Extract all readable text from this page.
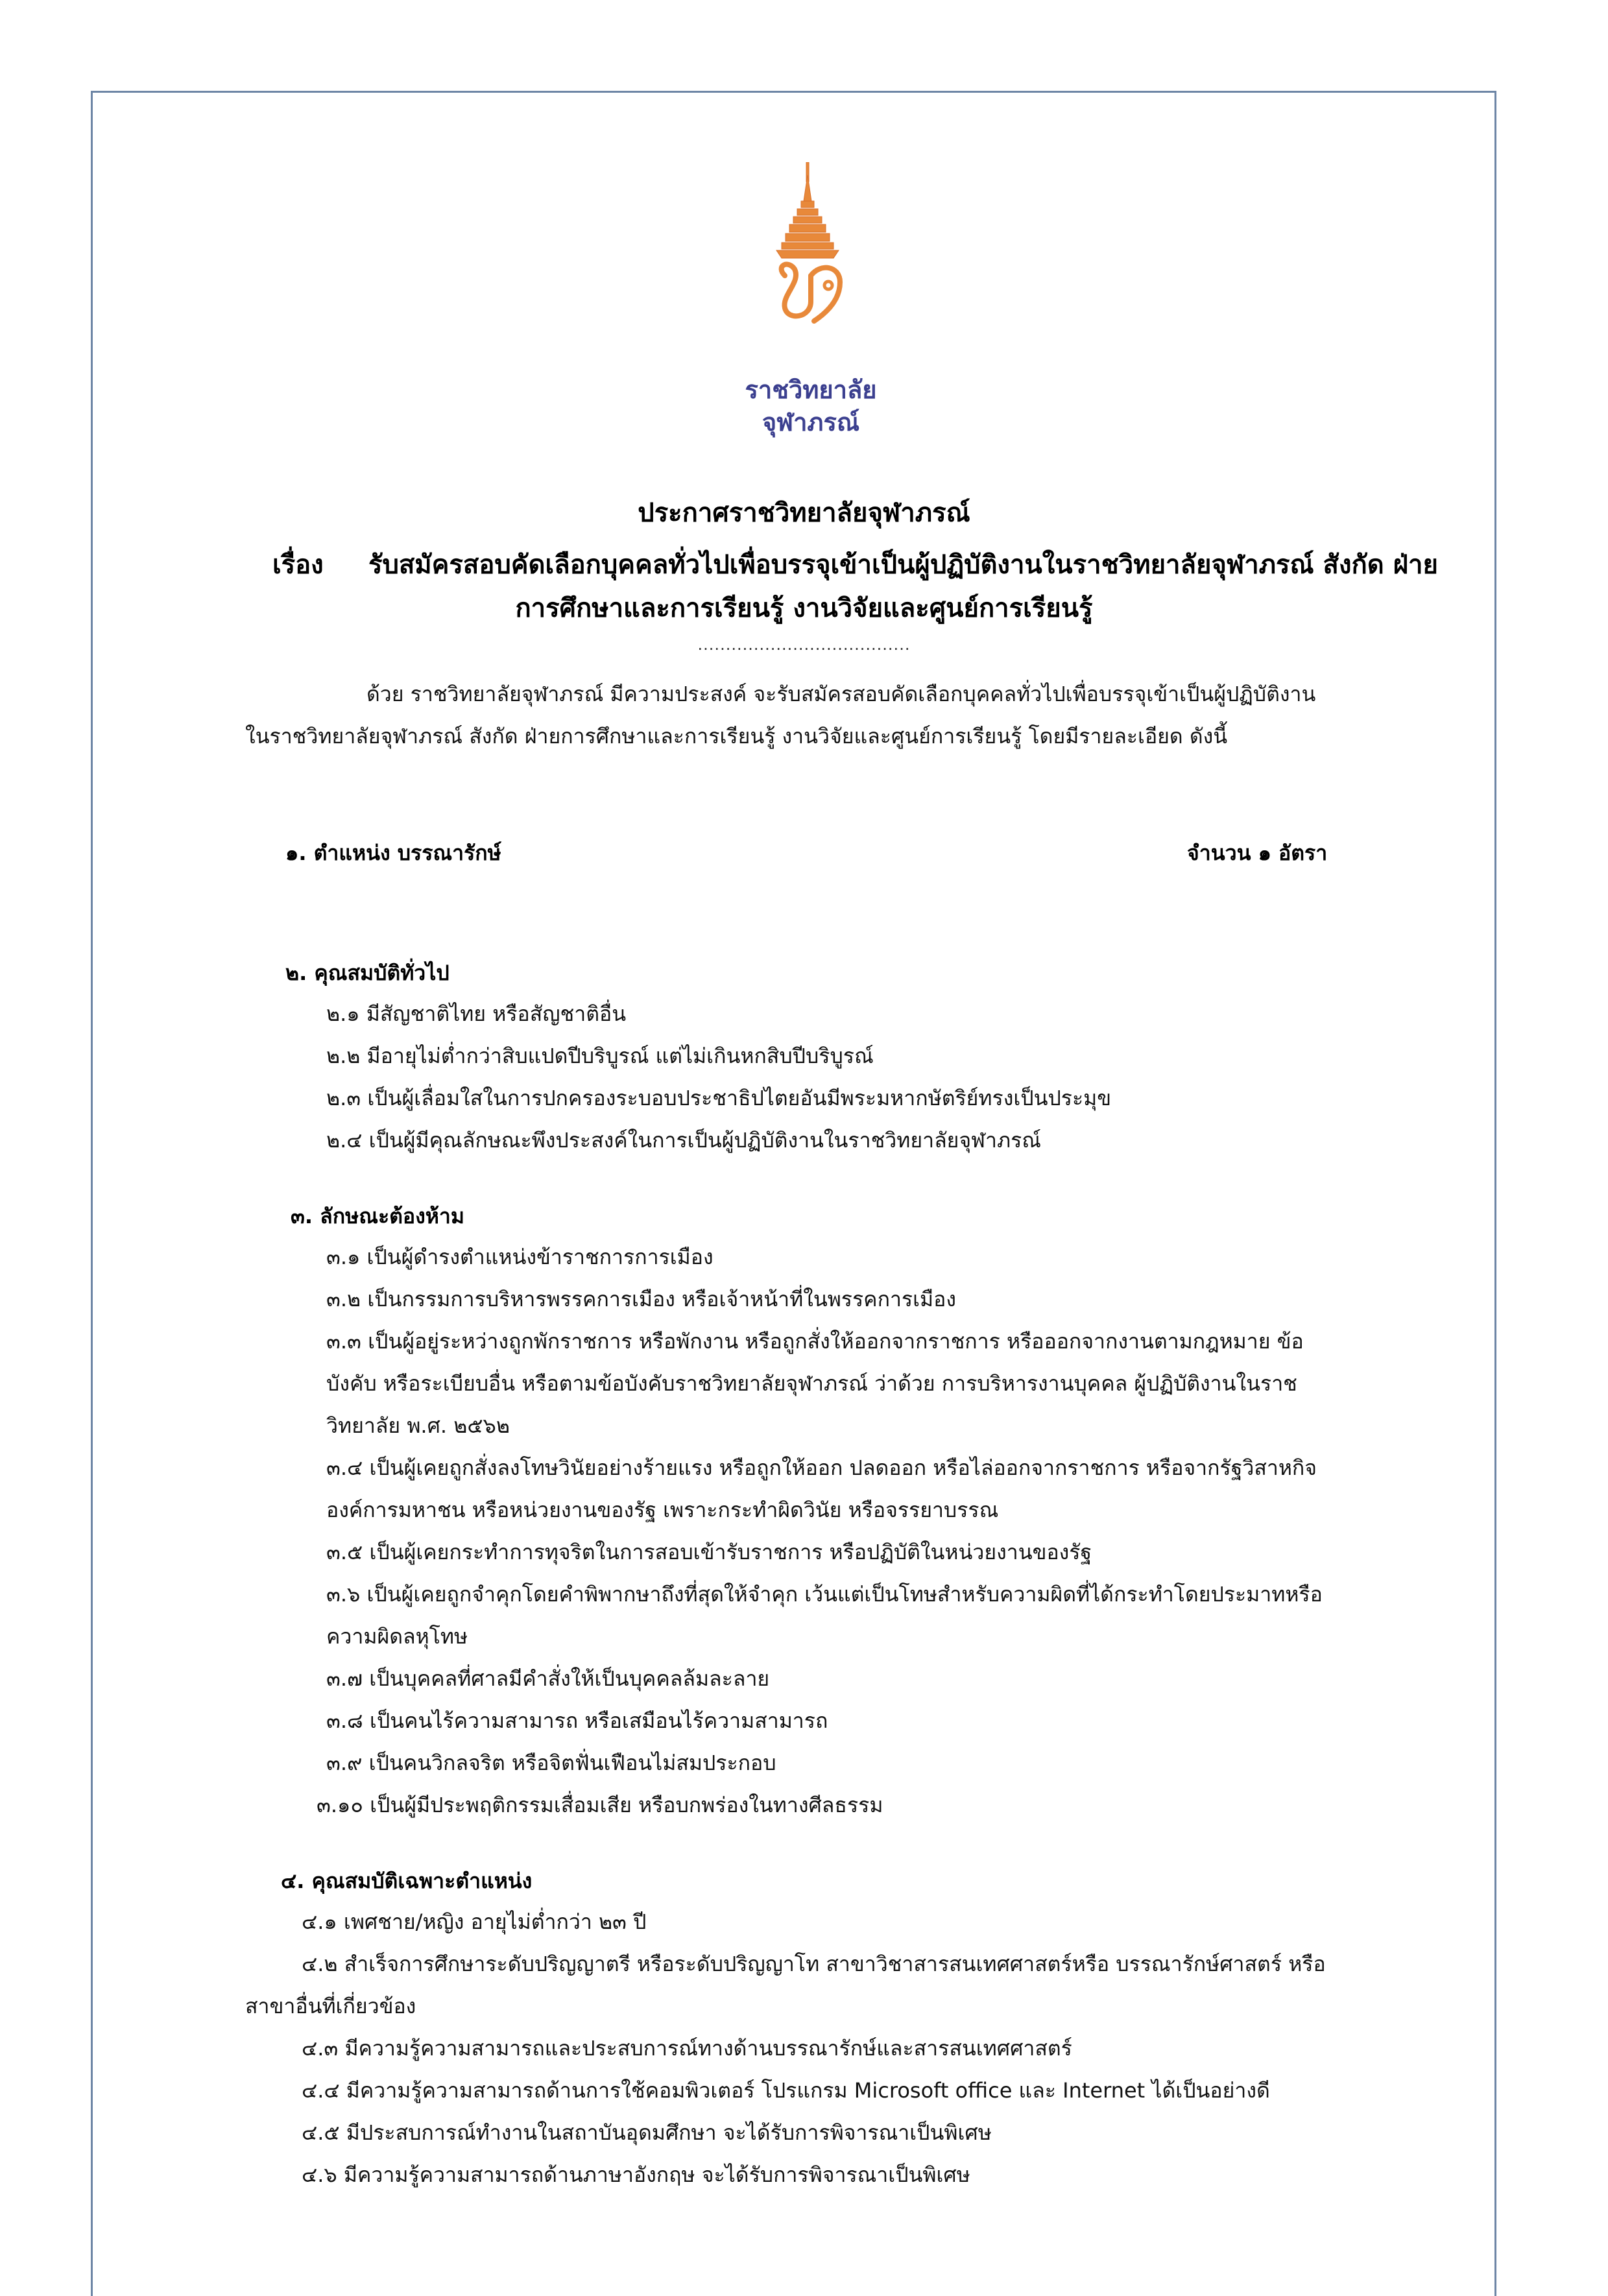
ราชวิทยาลัย
จุฬาภรณ์
ประกาศราชวิทยาลัยจุฬาภรณ์
เรื่อง รับสมัครสอบคัดเลือกบุคคลทั่วไปเพื่อบรรจุเข้าเป็นผู้ปฏิบัติงานในราชวิทยาลัยจุฬาภรณ์ สังกัด ฝ่าย
การศึกษาและการเรียนรู้ งานวิจัยและศูนย์การเรียนรู้
......................................
ด้วย ราชวิทยาลัยจุฬาภรณ์ มีความประสงค์ จะรับสมัครสอบคัดเลือกบุคคลทั่วไปเพื่อบรรจุเข้าเป็นผู้ปฏิบัติงาน
ในราชวิทยาลัยจุฬาภรณ์ สังกัด ฝ่ายการศึกษาและการเรียนรู้ งานวิจัยและศูนย์การเรียนรู้ โดยมีรายละเอียด ดังนี้
๑. ตำแหน่ง บรรณารักษ์	จำนวน ๑ อัตรา
๒. คุณสมบัติทั่วไป
๒.๑ มีสัญชาติไทย หรือสัญชาติอื่น
๒.๒ มีอายุไม่ต่ำกว่าสิบแปดปีบริบูรณ์ แต่ไม่เกินหกสิบปีบริบูรณ์
๒.๓ เป็นผู้เลื่อมใสในการปกครองระบอบประชาธิปไตยอันมีพระมหากษัตริย์ทรงเป็นประมุข
๒.๔ เป็นผู้มีคุณลักษณะพึงประสงค์ในการเป็นผู้ปฏิบัติงานในราชวิทยาลัยจุฬาภรณ์
๓. ลักษณะต้องห้าม
๓.๑ เป็นผู้ดำรงตำแหน่งข้าราชการการเมือง
๓.๒ เป็นกรรมการบริหารพรรคการเมือง หรือเจ้าหน้าที่ในพรรคการเมือง
๓.๓ เป็นผู้อยู่ระหว่างถูกพักราชการ หรือพักงาน หรือถูกสั่งให้ออกจากราชการ หรือออกจากงานตามกฎหมาย ข้อ
บังคับ หรือระเบียบอื่น หรือตามข้อบังคับราชวิทยาลัยจุฬาภรณ์ ว่าด้วย การบริหารงานบุคคล ผู้ปฏิบัติงานในราช
วิทยาลัย พ.ศ. ๒๕๖๒
๓.๔ เป็นผู้เคยถูกสั่งลงโทษวินัยอย่างร้ายแรง หรือถูกให้ออก ปลดออก หรือไล่ออกจากราชการ หรือจากรัฐวิสาหกิจ
องค์การมหาชน หรือหน่วยงานของรัฐ เพราะกระทำผิดวินัย หรือจรรยาบรรณ
๓.๕ เป็นผู้เคยกระทำการทุจริตในการสอบเข้ารับราชการ หรือปฏิบัติในหน่วยงานของรัฐ
๓.๖ เป็นผู้เคยถูกจำคุกโดยคำพิพากษาถึงที่สุดให้จำคุก เว้นแต่เป็นโทษสำหรับความผิดที่ได้กระทำโดยประมาทหรือ
ความผิดลหุโทษ
๓.๗ เป็นบุคคลที่ศาลมีคำสั่งให้เป็นบุคคลล้มละลาย
๓.๘ เป็นคนไร้ความสามารถ หรือเสมือนไร้ความสามารถ
๓.๙ เป็นคนวิกลจริต หรือจิตฟั่นเฟือนไม่สมประกอบ
๓.๑๐ เป็นผู้มีประพฤติกรรมเสื่อมเสีย หรือบกพร่องในทางศีลธรรม
๔. คุณสมบัติเฉพาะตำแหน่ง
๔.๑ เพศชาย/หญิง อายุไม่ต่ำกว่า ๒๓ ปี
๔.๒ สำเร็จการศึกษาระดับปริญญาตรี หรือระดับปริญญาโท สาขาวิชาสารสนเทศศาสตร์หรือ บรรณารักษ์ศาสตร์ หรือ
สาขาอื่นที่เกี่ยวข้อง
๔.๓ มีความรู้ความสามารถและประสบการณ์ทางด้านบรรณารักษ์และสารสนเทศศาสตร์
๔.๔ มีความรู้ความสามารถด้านการใช้คอมพิวเตอร์ โปรแกรม Microsoft office และ Internet ได้เป็นอย่างดี
๔.๕ มีประสบการณ์ทำงานในสถาบันอุดมศึกษา จะได้รับการพิจารณาเป็นพิเศษ
๔.๖ มีความรู้ความสามารถด้านภาษาอังกฤษ จะได้รับการพิจารณาเป็นพิเศษ
